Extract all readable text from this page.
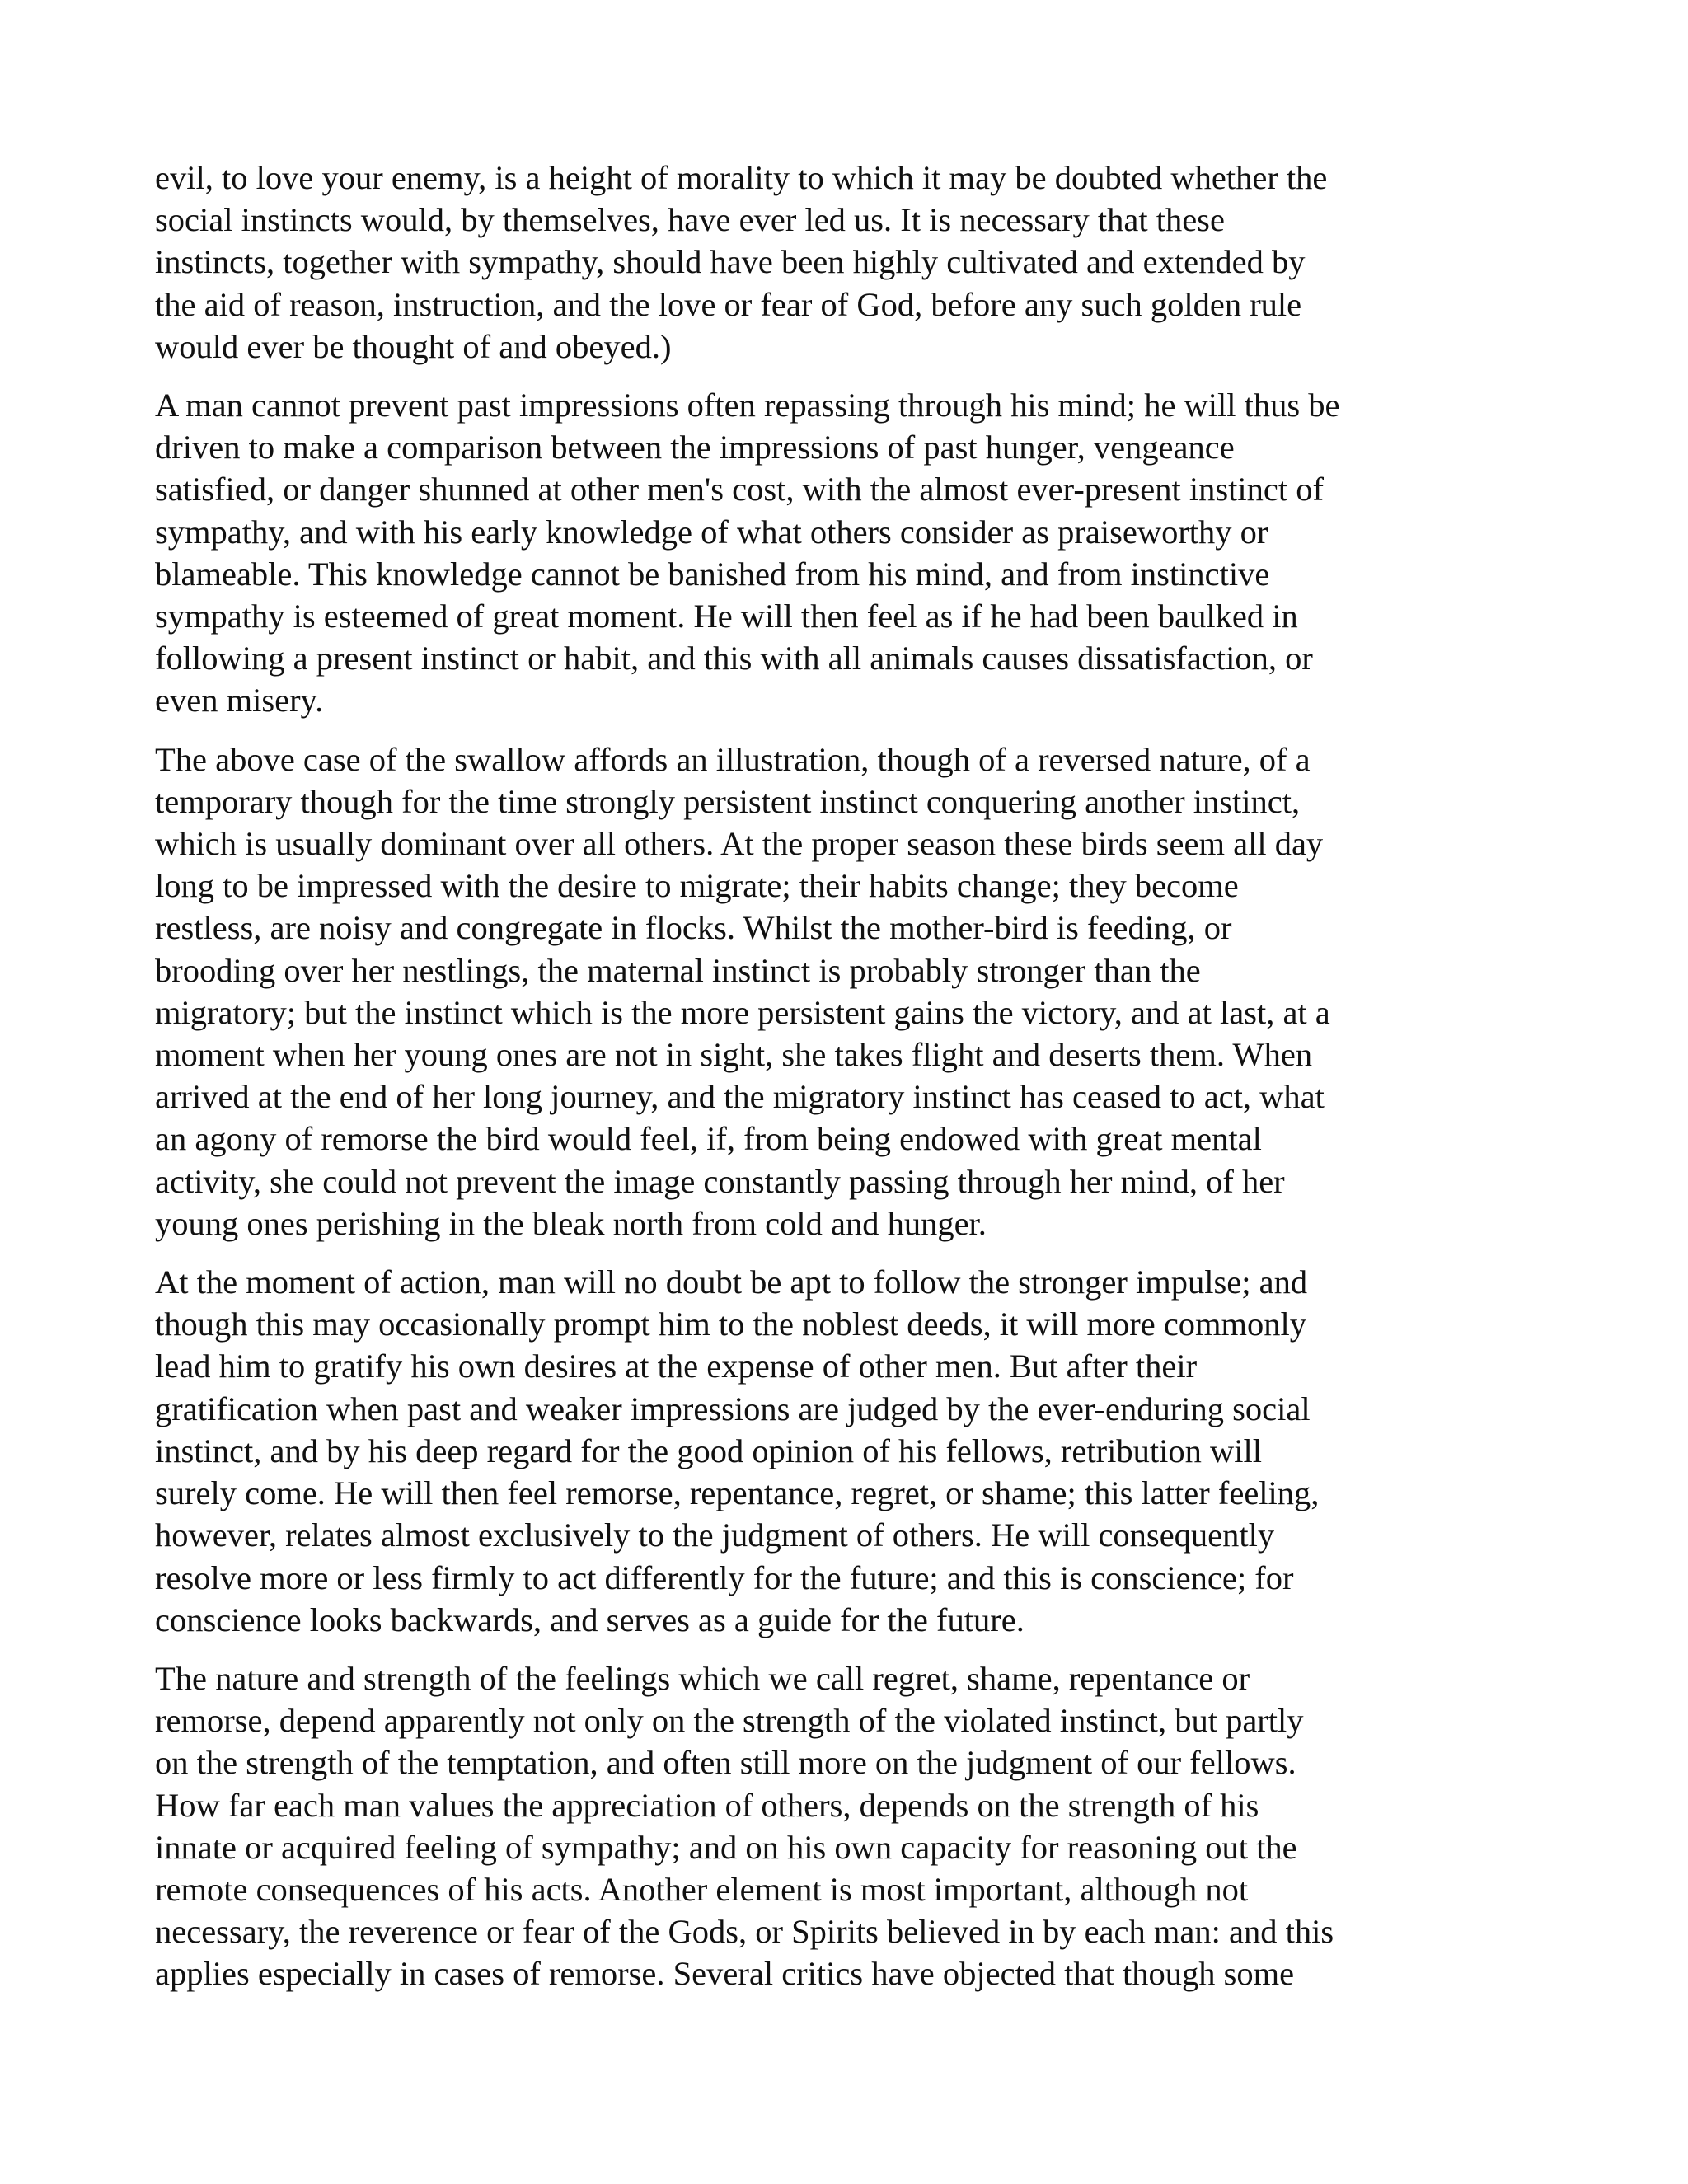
evil, to love your enemy, is a height of morality to which it may be doubted whether the
social instincts would, by themselves, have ever led us. It is necessary that these
instincts, together with sympathy, should have been highly cultivated and extended by
the aid of reason, instruction, and the love or fear of God, before any such golden rule
would ever be thought of and obeyed.)

A man cannot prevent past impressions often repassing through his mind; he will thus be
driven to make a comparison between the impressions of past hunger, vengeance
satisfied, or danger shunned at other men's cost, with the almost ever-present instinct of
sympathy, and with his early knowledge of what others consider as praiseworthy or
blameable. This knowledge cannot be banished from his mind, and from instinctive
sympathy is esteemed of great moment. He will then feel as if he had been baulked in
following a present instinct or habit, and this with all animals causes dissatisfaction, or
even misery.

The above case of the swallow affords an illustration, though of a reversed nature, of a
temporary though for the time strongly persistent instinct conquering another instinct,
which is usually dominant over all others. At the proper season these birds seem all day
long to be impressed with the desire to migrate; their habits change; they become
restless, are noisy and congregate in flocks. Whilst the mother-bird is feeding, or
brooding over her nestlings, the maternal instinct is probably stronger than the
migratory; but the instinct which is the more persistent gains the victory, and at last, at a
moment when her young ones are not in sight, she takes flight and deserts them. When
arrived at the end of her long journey, and the migratory instinct has ceased to act, what
an agony of remorse the bird would feel, if, from being endowed with great mental
activity, she could not prevent the image constantly passing through her mind, of her
young ones perishing in the bleak north from cold and hunger.

At the moment of action, man will no doubt be apt to follow the stronger impulse; and
though this may occasionally prompt him to the noblest deeds, it will more commonly
lead him to gratify his own desires at the expense of other men. But after their
gratification when past and weaker impressions are judged by the ever-enduring social
instinct, and by his deep regard for the good opinion of his fellows, retribution will
surely come. He will then feel remorse, repentance, regret, or shame; this latter feeling,
however, relates almost exclusively to the judgment of others. He will consequently
resolve more or less firmly to act differently for the future; and this is conscience; for
conscience looks backwards, and serves as a guide for the future.

The nature and strength of the feelings which we call regret, shame, repentance or
remorse, depend apparently not only on the strength of the violated instinct, but partly
on the strength of the temptation, and often still more on the judgment of our fellows.
How far each man values the appreciation of others, depends on the strength of his
innate or acquired feeling of sympathy; and on his own capacity for reasoning out the
remote consequences of his acts. Another element is most important, although not
necessary, the reverence or fear of the Gods, or Spirits believed in by each man: and this
applies especially in cases of remorse. Several critics have objected that though some
